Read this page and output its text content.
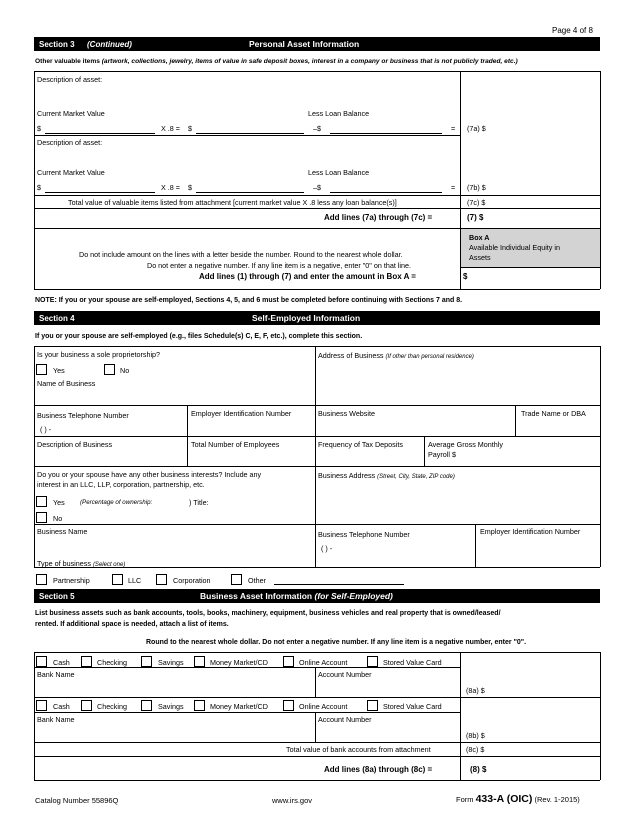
Page 4 of 8
Section 3 (Continued)	Personal Asset Information
Other valuable items (artwork, collections, jewelry, items of value in safe deposit boxes, interest in a company or business that is not publicly traded, etc.)
Description of asset:
Current Market Value	Less Loan Balance
$	X .8 = $	–$	= (7a) $
Description of asset:
Current Market Value	Less Loan Balance
$	X .8 = $	–$	= (7b) $
Total value of valuable items listed from attachment [current market value X .8 less any loan balance(s)]	(7c) $
Add lines (7a) through (7c) =	(7) $
Box A
Available Individual Equity in
Assets
Do not include amount on the lines with a letter beside the number. Round to the nearest whole dollar.
Do not enter a negative number. If any line item is a negative, enter "0" on that line.
Add lines (1) through (7) and enter the amount in Box A =	$
NOTE: If you or your spouse are self-employed, Sections 4, 5, and 6 must be completed before continuing with Sections 7 and 8.
Section 4	Self-Employed Information
If you or your spouse are self-employed (e.g., files Schedule(s) C, E, F, etc.), complete this section.
Is your business a sole proprietorship?
Yes	No
Name of Business
Address of Business (If other than personal residence)
Business Telephone Number
( ) -
Employer Identification Number	Business Website	Trade Name or DBA
Description of Business	Total Number of Employees	Frequency of Tax Deposits	Average Gross Monthly
Payroll $
Do you or your spouse have any other business interests? Include any
interest in an LLC, LLP, corporation, partnership, etc.
Yes (Percentage of ownership:	) Title:
No
Business Address (Street, City, State, ZIP code)
Business Name	Business Telephone Number
( ) -
Employer Identification Number
Type of business (Select one)
Partnership	LLC	Corporation	Other
Section 5	Business Asset Information (for Self-Employed)
List business assets such as bank accounts, tools, books, machinery, equipment, business vehicles and real property that is owned/leased/
rented. If additional space is needed, attach a list of items.
Round to the nearest whole dollar. Do not enter a negative number. If any line item is a negative number, enter "0".
Cash	Checking	Savings	Money Market/CD	Online Account	Stored Value Card
Bank Name	Account Number
(8a) $
Cash	Checking	Savings	Money Market/CD	Online Account	Stored Value Card
Bank Name	Account Number
(8b) $
Total value of bank accounts from attachment	(8c) $
Add lines (8a) through (8c) =	(8) $
Catalog Number 55896Q	www.irs.gov	Form 433-A (OIC) (Rev. 1-2015)
